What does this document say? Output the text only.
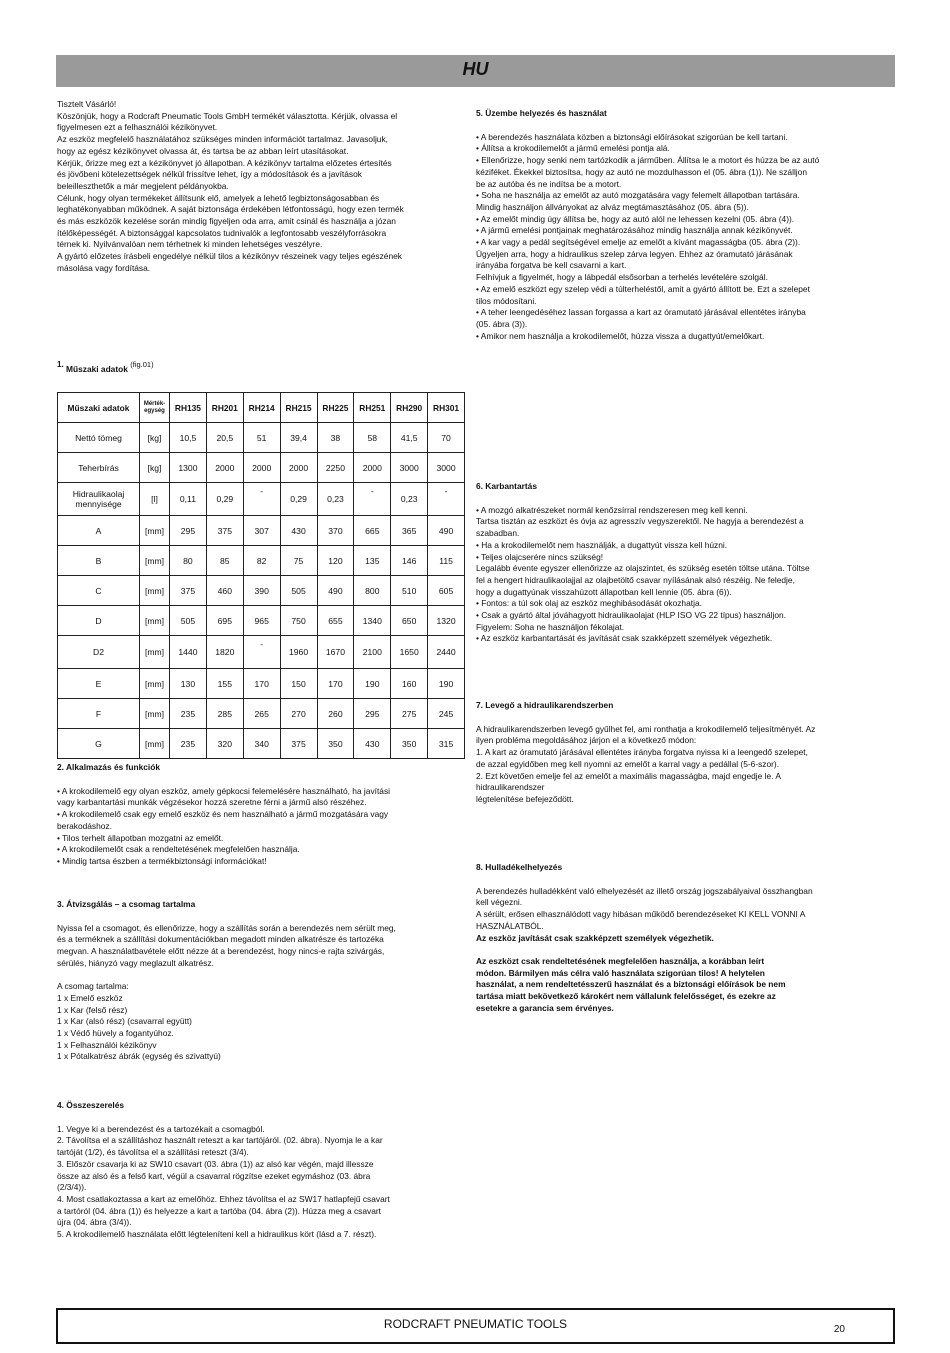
HU

Tisztelt Vásárló!

Köszönjük, hogy a Rodcraft Pneumatic Tools GmbH termékét választotta. Kérjük, olvassa el

figyelmesen ezt a felhasználói kézikönyvet.

Az eszköz megfelelő használatához szükséges minden információt tartalmaz. Javasoljuk,

hogy az egész kézikönyvet olvassa át, és tartsa be az abban leírt utasításokat.

Kérjük, őrizze meg ezt a kézikönyvet jó állapotban. A kézikönyv tartalma előzetes értesítés

és jövőbeni kötelezettségek nélkül frissítve lehet, így a módosítások és a javítások

beleilleszthetők a már megjelent példányokba.

Célunk, hogy olyan termékeket állítsunk elő, amelyek a lehető legbiztonságosabban és

leghatékonyabban működnek. A saját biztonsága érdekében létfontosságú, hogy ezen termék

és más eszközök kezelése során mindig figyeljen oda arra, amit csinál és használja a józan

ítélőképességét. A biztonsággal kapcsolatos tudnivalók a legfontosabb veszélyforrásokra

térnek ki. Nyilvánvalóan nem térhetnek ki minden lehetséges veszélyre.

A gyártó előzetes írásbeli engedélye nélkül tilos a kézikönyv részeinek vagy teljes egészének

másolása vagy fordítása.

1. Műszaki adatok (fig.01)
Műszaki adatok	Mérték-egység	RH135	RH201	RH214	RH215	RH225	RH251	RH290	RH301
Nettó tömeg	[kg]	10,5	20,5	51	39,4	38	58	41,5	70
Teherbírás	[kg]	1300	2000	2000	2000	2250	2000	3000	3000
Hidraulikaolaj mennyisége	[l]	0,11	0,29	-	0,29	0,23	-	0,23	-
A	[mm]	295	375	307	430	370	665	365	490
B	[mm]	80	85	82	75	120	135	146	115
C	[mm]	375	460	390	505	490	800	510	605
D	[mm]	505	695	965	750	655	1340	650	1320
D2	[mm]	1440	1820	-	1960	1670	2100	1650	2440
E	[mm]	130	155	170	150	170	190	160	190
F	[mm]	235	285	265	270	260	295	275	245
G	[mm]	235	320	340	375	350	430	350	315

2. Alkalmazás és funkciók

• A krokodilemelő egy olyan eszköz, amely gépkocsi felemelésére használható, ha javítási

vagy karbantartási munkák végzésekor hozzá szeretne férni a jármű alsó részéhez.

• A krokodilemelő csak egy emelő eszköz és nem használható a jármű mozgatására vagy

berakodáshoz.

• Tilos terhelt állapotban mozgatni az emelőt.

• A krokodilemelőt csak a rendeltetésének megfelelően használja.

• Mindig tartsa észben a termékbiztonsági információkat!

3. Átvizsgálás – a csomag tartalma

Nyissa fel a csomagot, és ellenőrizze, hogy a szállítás során a berendezés nem sérült meg,

és a terméknek a szállítási dokumentációkban megadott minden alkatrésze és tartozéka

megvan. A használatbavétele előtt nézze át a berendezést, hogy nincs-e rajta szivárgás,

sérülés, hiányzó vagy meglazult alkatrész.

A csomag tartalma:

1 x Emelő eszköz

1 x Kar (felső rész)

1 x Kar (alsó rész) (csavarral együtt)

1 x Védő hüvely a fogantyúhoz.

1 x Felhasználói kézikönyv

1 x Pótalkatrész ábrák (egység és szivattyú)

4. Összeszerelés

1. Vegye ki a berendezést és a tartozékait a csomagból.

2. Távolítsa el a szállításhoz használt reteszt a kar tartójáról. (02. ábra). Nyomja le a kar

tartóját (1/2), és távolítsa el a szállítási reteszt (3/4).

3. Először csavarja ki az SW10 csavart (03. ábra (1)) az alsó kar végén, majd illessze

össze az alsó és a felső kart, végül a csavarral rögzítse ezeket egymáshoz (03. ábra

(2/3/4)).

4. Most csatlakoztassa a kart az emelőhöz. Ehhez távolítsa el az SW17 hatlapfejű csavart

a tartóról (04. ábra (1)) és helyezze a kart a tartóba (04. ábra (2)). Húzza meg a csavart

újra (04. ábra (3/4)).

5. A krokodilemelő használata előtt légteleníteni kell a hidraulikus kört (lásd a 7. részt).

5. Üzembe helyezés és használat

• A berendezés használata közben a biztonsági előírásokat szigorúan be kell tartani.

• Állítsa a krokodilemelőt a jármű emelési pontja alá.

• Ellenőrizze, hogy senki nem tartózkodik a járműben. Állítsa le a motort és húzza be az autó

kéziféket. Ékekkel biztosítsa, hogy az autó ne mozdulhasson el (05. ábra (1)). Ne szálljon

be az autóba és ne indítsa be a motort.

• Soha ne használja az emelőt az autó mozgatására vagy felemelt állapotban tartására.

Mindig használjon állványokat az alváz megtámasztásához (05. ábra (5)).

• Az emelőt mindig úgy állítsa be, hogy az autó alól ne lehessen kezelni (05. ábra (4)).

• A jármű emelési pontjainak meghatározásához mindig használja annak kézikönyvét.

• A kar vagy a pedál segítségével emelje az emelőt a kívánt magasságba (05. ábra (2)).

Ügyeljen arra, hogy a hidraulikus szelep zárva legyen. Ehhez az óramutató járásának

irányába forgatva be kell csavarni a kart.

Felhívjuk a figyelmét, hogy a lábpedál elsősorban a terhelés levételére szolgál.

• Az emelő eszközt egy szelep védi a túlterheléstől, amit a gyártó állított be. Ezt a szelepet

tilos módosítani.

• A teher leengedéséhez lassan forgassa a kart az óramutató járásával ellentétes irányba

(05. ábra (3)).

• Amikor nem használja a krokodilemelőt, húzza vissza a dugattyút/emelőkart.

6. Karbantartás

• A mozgó alkatrészeket normál kenőzsírral rendszeresen meg kell kenni.

Tartsa tisztán az eszközt és óvja az agresszív vegyszerektől. Ne hagyja a berendezést a

szabadban.

• Ha a krokodilemelőt nem használják, a dugattyút vissza kell húzni.

• Teljes olajcserére nincs szükség!

Legalább évente egyszer ellenőrizze az olajszintet, és szükség esetén töltse utána. Töltse

fel a hengert hidraulikaolajjal az olajbetöltő csavar nyílásának alsó részéig. Ne feledje,

hogy a dugattyúnak visszahúzott állapotban kell lennie (05. ábra (6)).

• Fontos: a túl sok olaj az eszköz meghibásodását okozhatja.

• Csak a gyártó által jóváhagyott hidraulikaolajat (HLP ISO VG 22 típus) használjon.

Figyelem: Soha ne használjon fékolajat.

• Az eszköz karbantartását és javítását csak szakképzett személyek végezhetik.

7. Levegő a hidraulikarendszerben

A hidraulikarendszerben levegő gyűlhet fel, ami ronthatja a krokodilemelő teljesítményét. Az

ilyen probléma megoldásához járjon el a következő módon:

1. A kart az óramutató járásával ellentétes irányba forgatva nyissa ki a leengedő szelepet,

de azzal egyidőben meg kell nyomni az emelőt a karral vagy a pedállal (5-6-szor).

2. Ezt követően emelje fel az emelőt a maximális magasságba, majd engedje le. A

hidraulikarendszer

légtelenítése befejeződött.

8. Hulladékelhelyezés

A berendezés hulladékként való elhelyezését az illető ország jogszabályaival összhangban

kell végezni.

A sérült, erősen elhasználódott vagy hibásan működő berendezéseket KI KELL VONNI A

HASZNÁLATBÓL.

Az eszköz javítását csak szakképzett személyek végezhetik.

Az eszközt csak rendeltetésének megfelelően használja, a korábban leírt

módon. Bármilyen más célra való használata szigorúan tilos! A helytelen

használat, a nem rendeltetésszerű használat és a biztonsági előírások be nem

tartása miatt bekövetkező károkért nem vállalunk felelősséget, és ezekre az

esetekre a garancia sem érvényes.

RODCRAFT PNEUMATIC TOOLS	20
